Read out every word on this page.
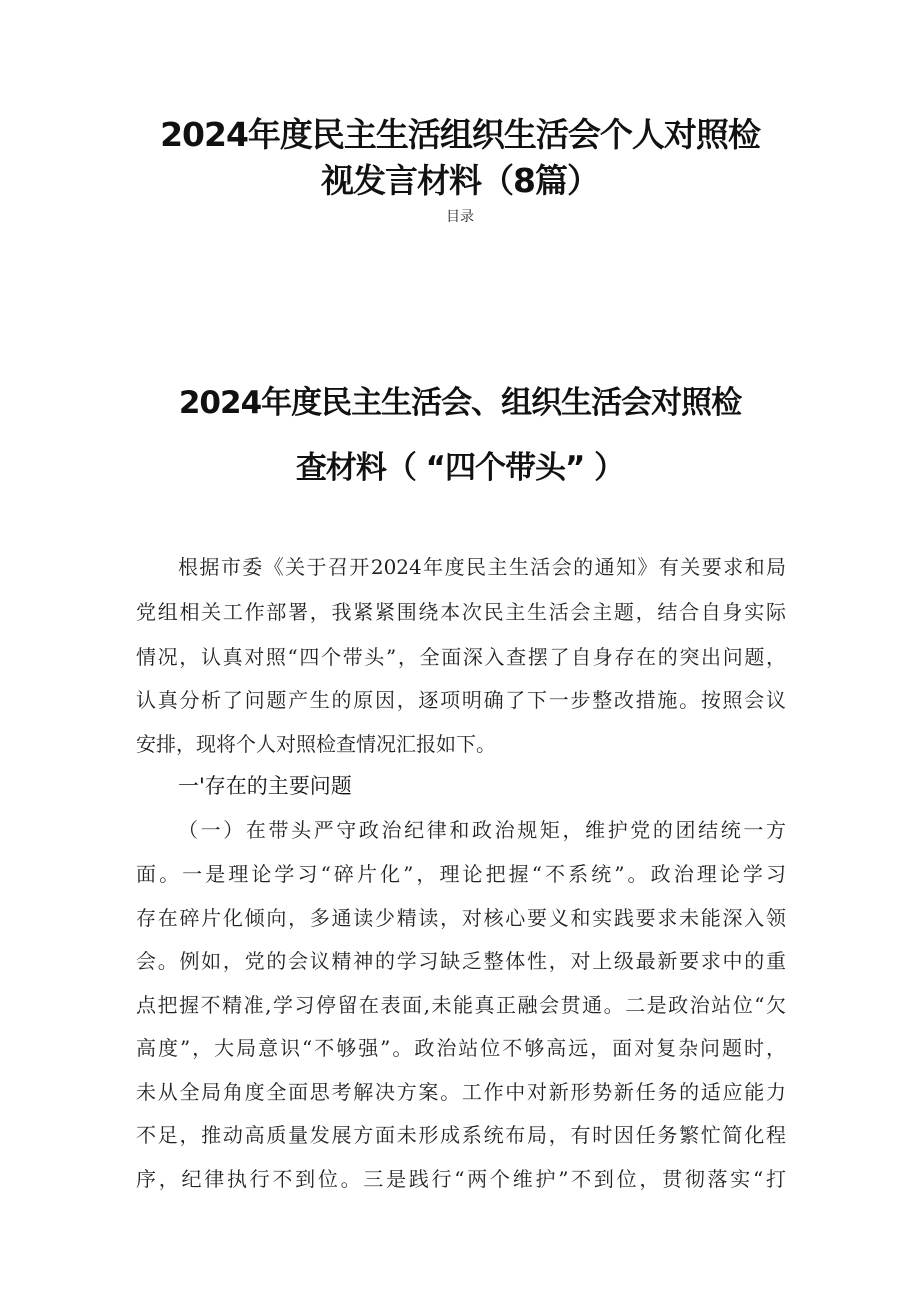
2024年度民主生活组织生活会个人对照检
视发言材料（8篇）
目录
2024年度民主生活会、组织生活会对照检
查材料（ “四个带头” ）
根据市委《关于召开2024年度民主生活会的通知》有关要求和局
党组相关工作部署，我紧紧围绕本次民主生活会主题，结合自身实际
情况，认真对照“四个带头”，全面深入查摆了自身存在的突出问题，
认真分析了问题产生的原因，逐项明确了下一步整改措施。按照会议
安排，现将个人对照检查情况汇报如下。
一'存在的主要问题
（一）在带头严守政治纪律和政治规矩，维护党的团结统一方
面。一是理论学习“碎片化”，理论把握“不系统”。政治理论学习
存在碎片化倾向，多通读少精读，对核心要义和实践要求未能深入领
会。例如，党的会议精神的学习缺乏整体性，对上级最新要求中的重
点把握不精准,学习停留在表面,未能真正融会贯通。二是政治站位“欠
高度”，大局意识“不够强”。政治站位不够高远，面对复杂问题时，
未从全局角度全面思考解决方案。工作中对新形势新任务的适应能力
不足，推动高质量发展方面未形成系统布局，有时因任务繁忙简化程
序，纪律执行不到位。三是践行“两个维护”不到位，贯彻落实“打
